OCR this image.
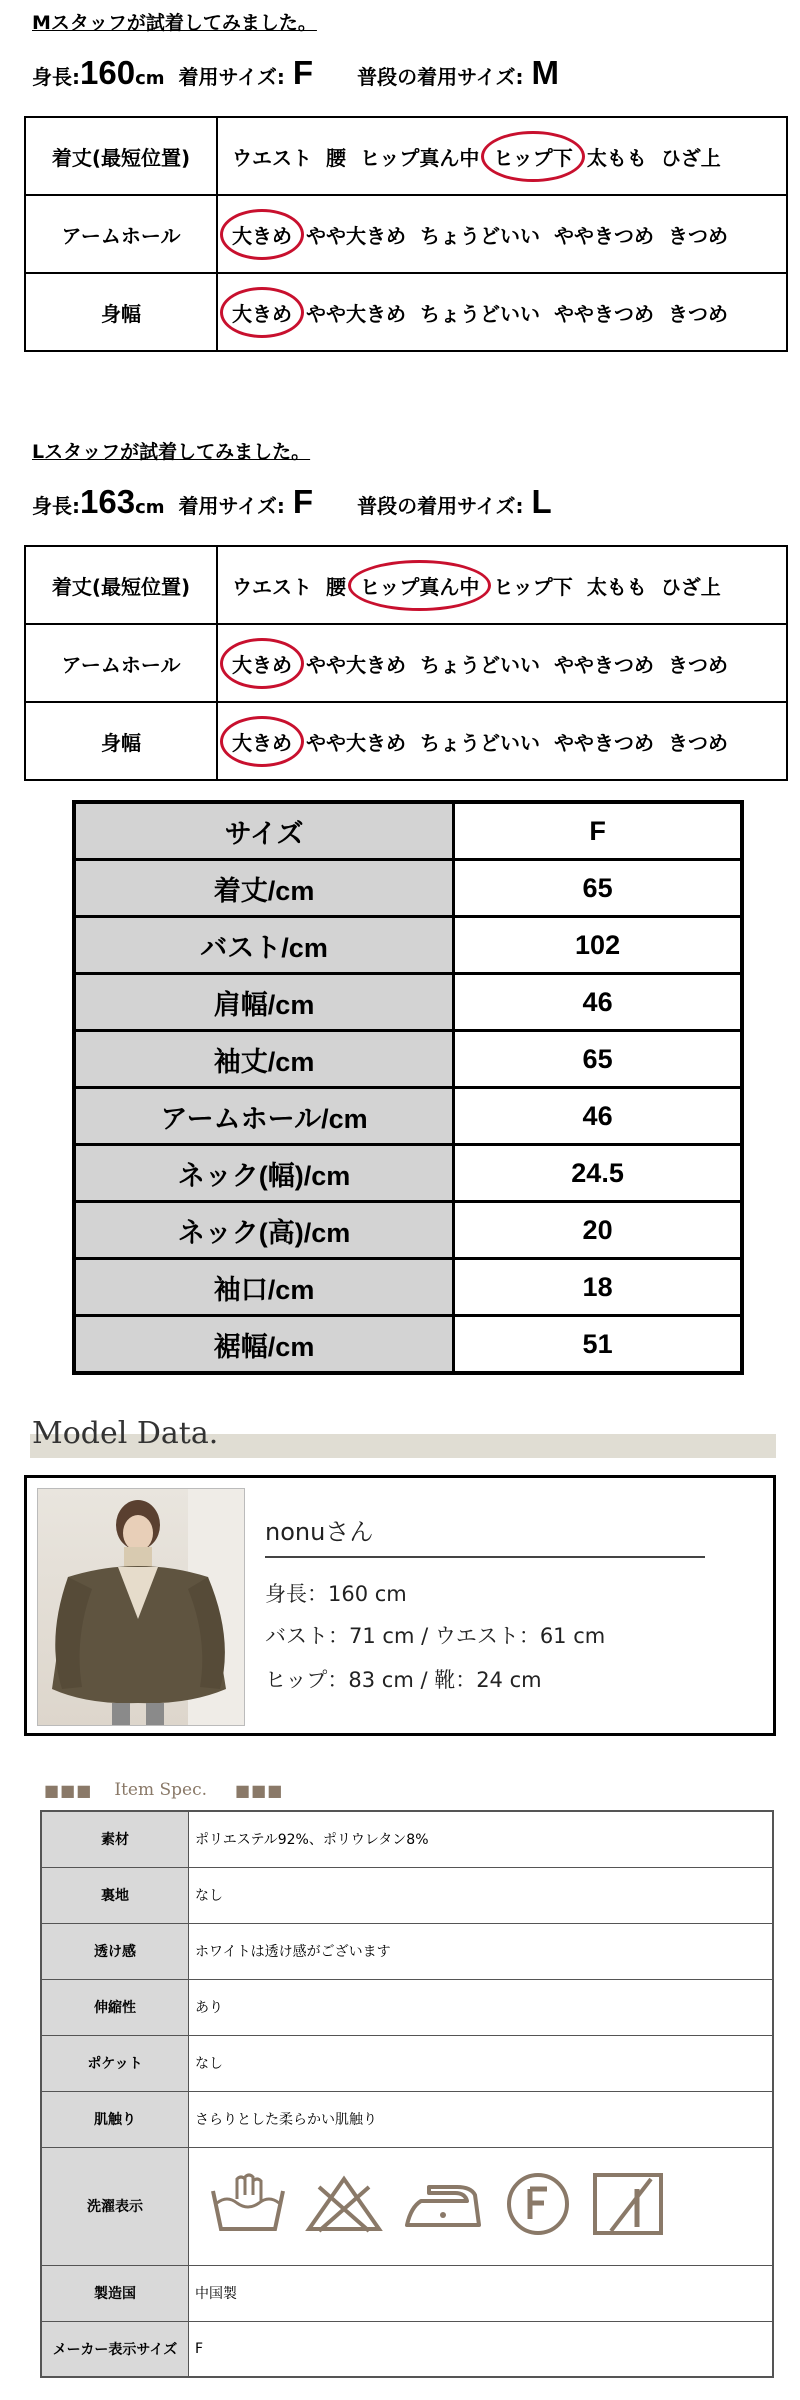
Mスタッフが試着してみました。
身長: 160 cm 着用サイズ: F 普段の着用サイズ: M
着丈(最短位置)	ウエスト 腰 ヒップ真ん中 ヒップ下 太もも ひざ上
アームホール	大きめ やや大きめ ちょうどいい ややきつめ きつめ
身幅	大きめ やや大きめ ちょうどいい ややきつめ きつめ
Lスタッフが試着してみました。
身長: 163 cm 着用サイズ: F 普段の着用サイズ: L
着丈(最短位置)	ウエスト 腰 ヒップ真ん中 ヒップ下 太もも ひざ上
アームホール	大きめ やや大きめ ちょうどいい ややきつめ きつめ
身幅	大きめ やや大きめ ちょうどいい ややきつめ きつめ
サイズ	F
着丈/cm	65
バスト/cm	102
肩幅/cm	46
袖丈/cm	65
アームホール/cm	46
ネック(幅)/cm	24.5
ネック(高)/cm	20
袖口/cm	18
裾幅/cm	51
Model Data.
nonuさん
身長：160 cm
バスト：71 cm / ウエスト：61 cm
ヒップ：83 cm / 靴：24 cm
■■■ Item Spec. ■■■
素材	ポリエステル92%、ポリウレタン8%
裏地	なし
透け感	ホワイトは透け感がございます
伸縮性	あり
ポケット	なし
肌触り	さらりとした柔らかい肌触り
洗濯表示	

製造国	中国製
メーカー表示サイズ	F
